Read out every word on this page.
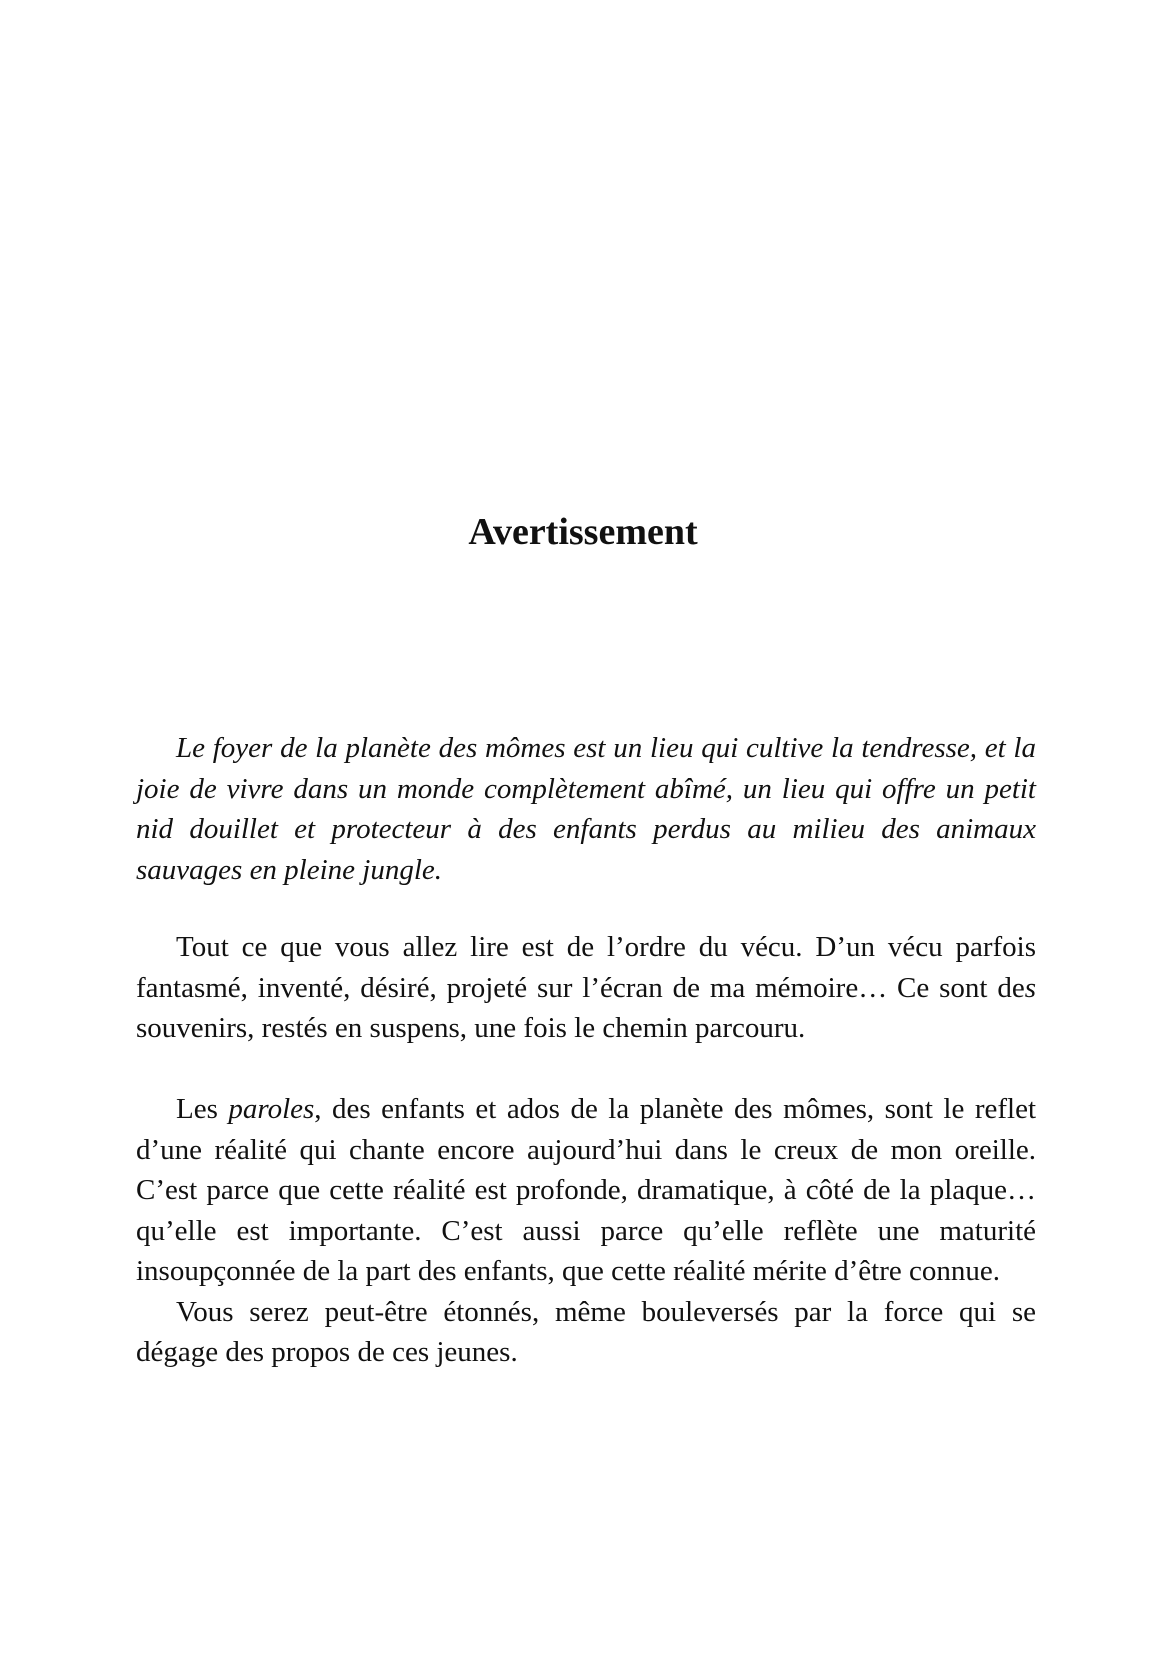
Avertissement

Le foyer de la planète des mômes est un lieu qui cultive la tendresse, et la joie de vivre dans un monde complètement abîmé, un lieu qui offre un petit nid douillet et protecteur à des enfants perdus au milieu des animaux sauvages en pleine jungle.

Tout ce que vous allez lire est de l’ordre du vécu. D’un vécu parfois fantasmé, inventé, désiré, projeté sur l’écran de ma mémoire… Ce sont des souvenirs, restés en suspens, une fois le chemin parcouru.

Les paroles, des enfants et ados de la planète des mômes, sont le reflet d’une réalité qui chante encore aujourd’hui dans le creux de mon oreille. C’est parce que cette réalité est profonde, dramatique, à côté de la plaque… qu’elle est importante. C’est aussi parce qu’elle reflète une maturité insoupçonnée de la part des enfants, que cette réalité mérite d’être connue.

Vous serez peut-être étonnés, même bouleversés par la force qui se dégage des propos de ces jeunes.
